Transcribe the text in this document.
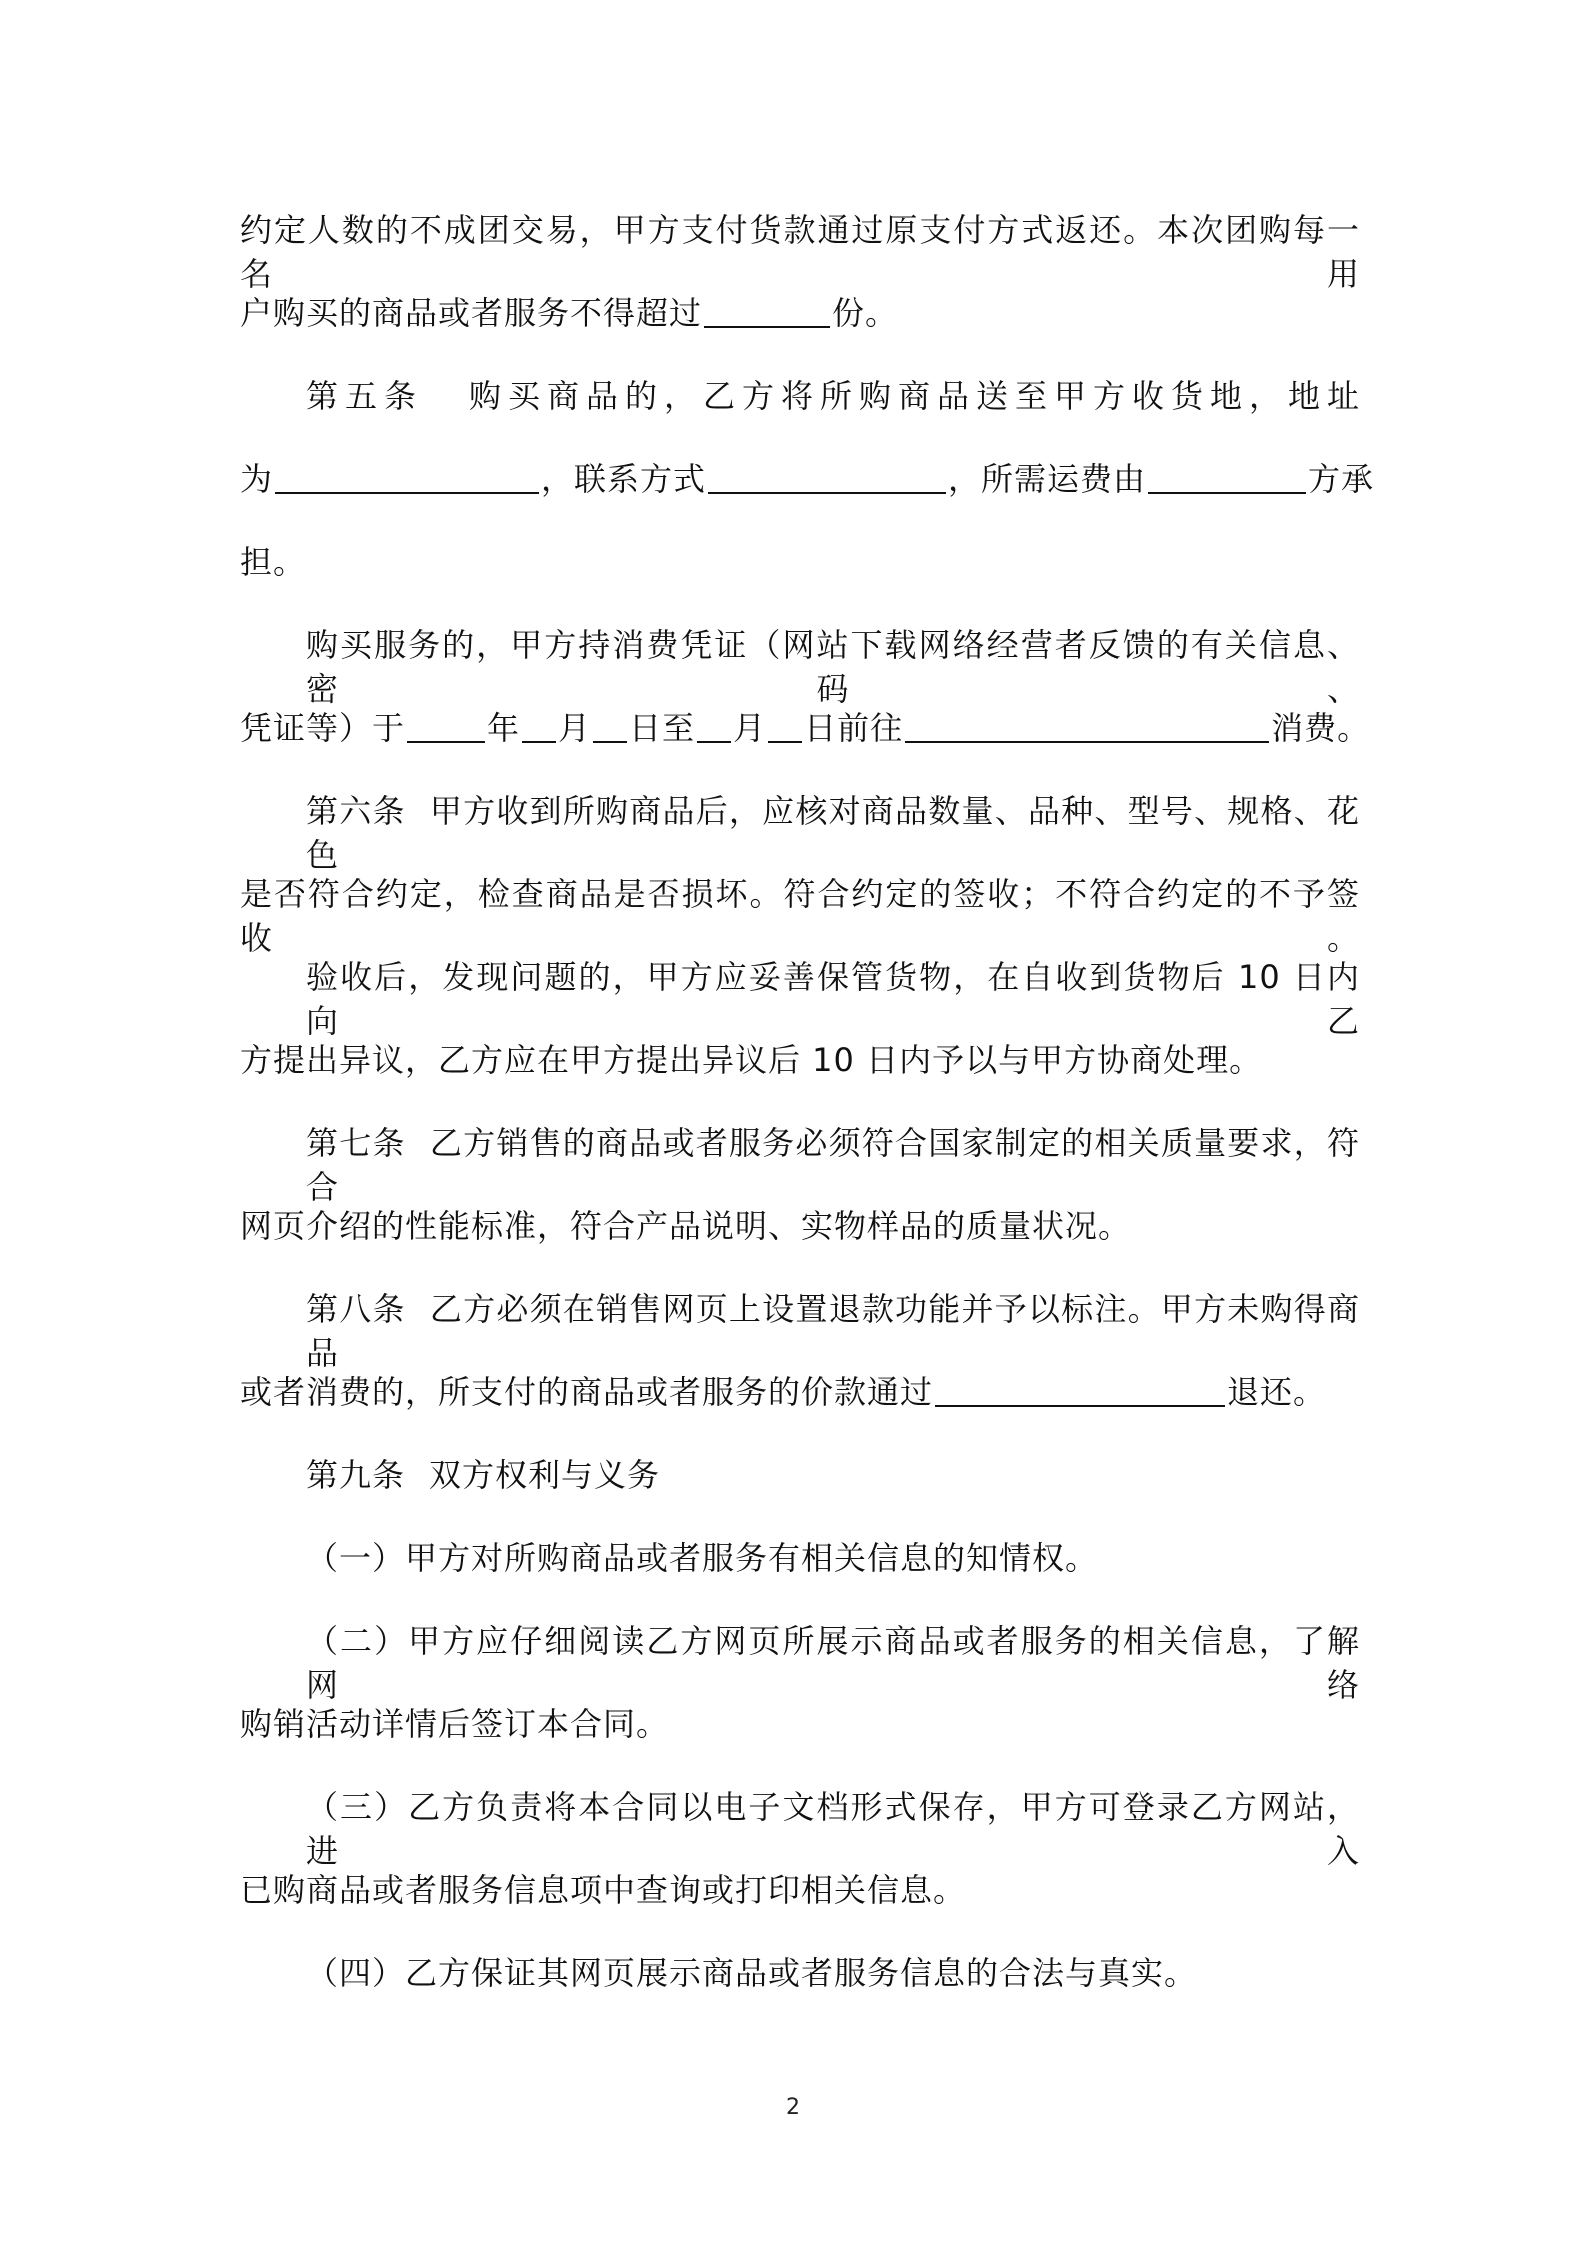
约定人数的不成团交易，甲方支付货款通过原支付方式返还。本次团购每一名用
户购买的商品或者服务不得超过	份。
第五条 购买商品的，乙方将所购商品送至甲方收货地，地址
为	，联系方式	，所需运费由	方承
担。
购买服务的，甲方持消费凭证（网站下载网络经营者反馈的有关信息、密码、
凭证等）于	年 月 日至 月 日前往	消费。
第六条 甲方收到所购商品后，应核对商品数量、品种、型号、规格、花色
是否符合约定，检查商品是否损坏。符合约定的签收；不符合约定的不予签收。
验收后，发现问题的，甲方应妥善保管货物，在自收到货物后 10 日内向乙
方提出异议，乙方应在甲方提出异议后 10 日内予以与甲方协商处理。
第七条 乙方销售的商品或者服务必须符合国家制定的相关质量要求，符合
网页介绍的性能标准，符合产品说明、实物样品的质量状况。
第八条 乙方必须在销售网页上设置退款功能并予以标注。甲方未购得商品
或者消费的，所支付的商品或者服务的价款通过	退还。
第九条 双方权利与义务
（一）甲方对所购商品或者服务有相关信息的知情权。
（二）甲方应仔细阅读乙方网页所展示商品或者服务的相关信息，了解网络
购销活动详情后签订本合同。
（三）乙方负责将本合同以电子文档形式保存，甲方可登录乙方网站，进入
已购商品或者服务信息项中查询或打印相关信息。
（四）乙方保证其网页展示商品或者服务信息的合法与真实。
2
